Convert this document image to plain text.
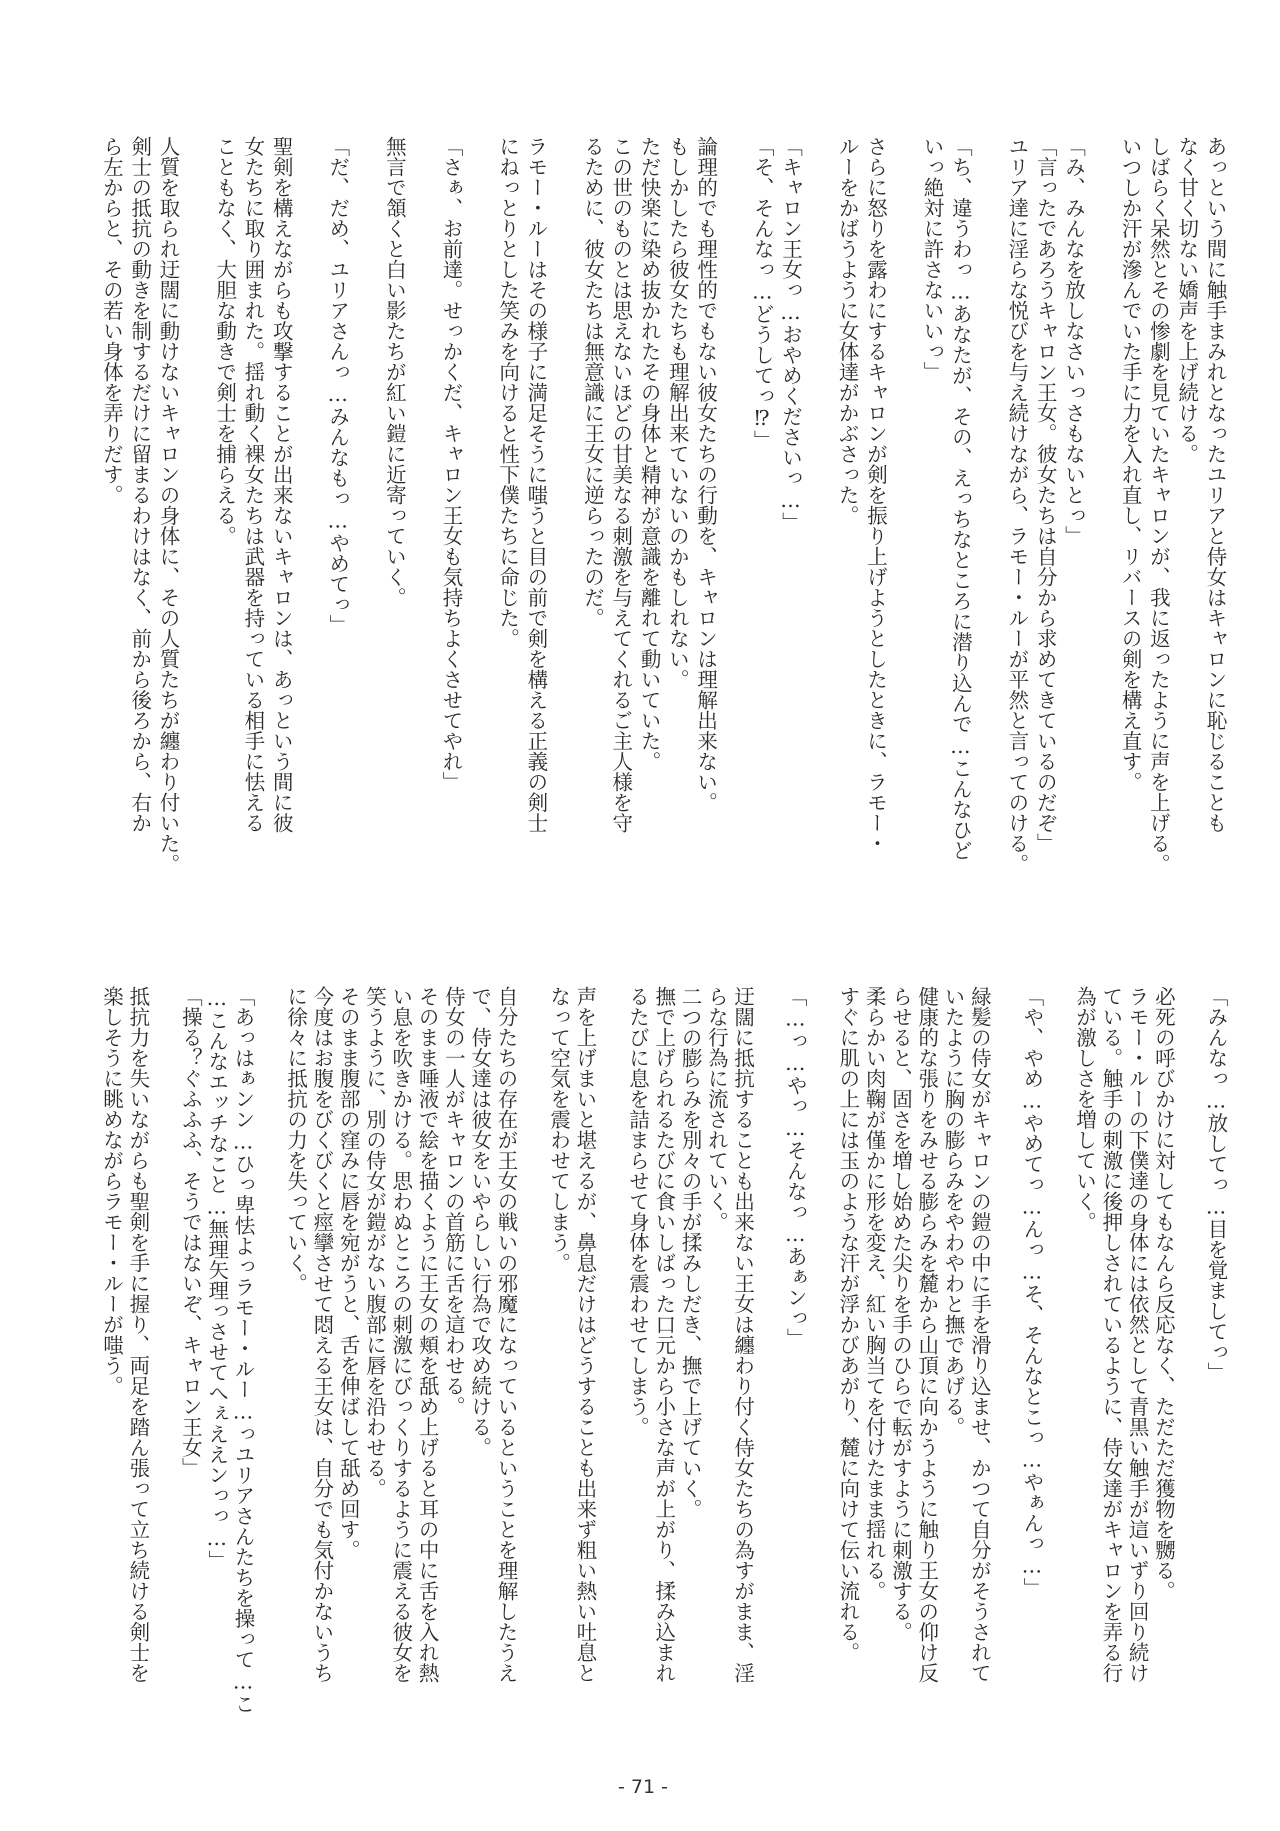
あっという間に触手まみれとなったユリアと侍女はキャロンに恥じることも
なく甘く切ない嬌声を上げ続ける。
しばらく呆然とその惨劇を見ていたキャロンが、我に返ったように声を上げる。
いつしか汗が滲んでいた手に力を入れ直し、リバースの剣を構え直す。
「み、みんなを放しなさいっさもないとっ」
「言ったであろうキャロン王女。彼女たちは自分から求めてきているのだぞ」
ユリア達に淫らな悦びを与え続けながら、ラモー・ルーが平然と言ってのける。
「ち、違うわっ…あなたが、その、えっちなところに潜り込んで…こんなひど
いっ絶対に許さないいっ」
さらに怒りを露わにするキャロンが剣を振り上げようとしたときに、ラモー・
ルーをかばうように女体達がかぶさった。
「キャロン王女っ…おやめくださいっ…」
「そ、そんなっ…どうしてっ⁉」
論理的でも理性的でもない彼女たちの行動を、キャロンは理解出来ない。
もしかしたら彼女たちも理解出来ていないのかもしれない。
ただ快楽に染め抜かれたその身体と精神が意識を離れて動いていた。
この世のものとは思えないほどの甘美なる刺激を与えてくれるご主人様を守
るために、彼女たちは無意識に王女に逆らったのだ。
ラモー・ルーはその様子に満足そうに嗤うと目の前で剣を構える正義の剣士
にねっとりとした笑みを向けると性下僕たちに命じた。
「さぁ、お前達。せっかくだ、キャロン王女も気持ちよくさせてやれ」
無言で頷くと白い影たちが紅い鎧に近寄っていく。
「だ、だめ、ユリアさんっ…みんなもっ…やめてっ」
聖剣を構えながらも攻撃することが出来ないキャロンは、あっという間に彼
女たちに取り囲まれた。揺れ動く裸女たちは武器を持っている相手に怯える
こともなく、大胆な動きで剣士を捕らえる。
人質を取られ迂闊に動けないキャロンの身体に、その人質たちが纏わり付いた。
剣士の抵抗の動きを制するだけに留まるわけはなく、前から後ろから、右か
ら左からと、その若い身体を弄りだす。
「みんなっ…放してっ…目を覚ましてっ」
必死の呼びかけに対してもなんら反応なく、ただただ獲物を嬲る。
ラモー・ルーの下僕達の身体には依然として青黒い触手が這いずり回り続け
ている。触手の刺激に後押しされているように、侍女達がキャロンを弄る行
為が激しさを増していく。
「や、やめ…やめてっ…んっ…そ、そんなとこっ…やぁんっ…」
緑髪の侍女がキャロンの鎧の中に手を滑り込ませ、かつて自分がそうされて
いたように胸の膨らみをやわやわと撫であげる。
健康的な張りをみせる膨らみを麓から山頂に向かうように触り王女の仰け反
らせると、固さを増し始めた尖りを手のひらで転がすように刺激する。
柔らかい肉鞠が僅かに形を変え、紅い胸当てを付けたまま揺れる。
すぐに肌の上には玉のような汗が浮かびあがり、麓に向けて伝い流れる。
「…っ…やっ…そんなっ…あぁンっ」
迂闊に抵抗することも出来ない王女は纏わり付く侍女たちの為すがまま、淫
らな行為に流されていく。
二つの膨らみを別々の手が揉みしだき、撫で上げていく。
撫で上げられるたびに食いしばった口元から小さな声が上がり、揉み込まれ
るたびに息を詰まらせて身体を震わせてしまう。
声を上げまいと堪えるが、鼻息だけはどうすることも出来ず粗い熱い吐息と
なって空気を震わせてしまう。
自分たちの存在が王女の戦いの邪魔になっているということを理解したうえ
で、侍女達は彼女をいやらしい行為で攻め続ける。
侍女の一人がキャロンの首筋に舌を這わせる。
そのまま唾液で絵を描くように王女の頬を舐め上げると耳の中に舌を入れ熱
い息を吹きかける。思わぬところの刺激にびっくりするように震える彼女を
笑うように、別の侍女が鎧がない腹部に唇を沿わせる。
そのまま腹部の窪みに唇を宛がうと、舌を伸ばして舐め回す。
今度はお腹をびくびくと痙攣させて悶える王女は、自分でも気付かないうち
に徐々に抵抗の力を失っていく。
「あっはぁンン…ひっ卑怯よっラモー・ルー…っユリアさんたちを操って…こ
…こんなエッチなこと…無理矢理っさせてへぇええンっっ…」
「操る？ぐふふふ、そうではないぞ、キャロン王女」
抵抗力を失いながらも聖剣を手に握り、両足を踏ん張って立ち続ける剣士を
楽しそうに眺めながらラモー・ルーが嗤う。
- 71 -
